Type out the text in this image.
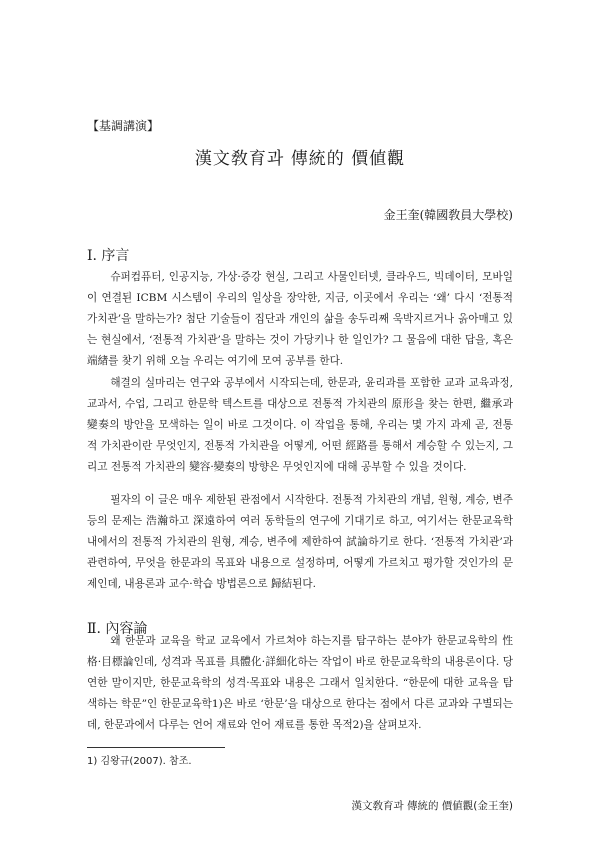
【基調講演】
漢文敎育과 傳統的 價値觀
金王奎(韓國敎員大學校)
Ⅰ. 序言

슈퍼컴퓨터, 인공지능, 가상·증강 현실, 그리고 사물인터넷, 클라우드, 빅데이터, 모바일이 연결된 ICBM 시스템이 우리의 일상을 장악한, 지금, 이곳에서 우리는 ‘왜’ 다시 ‘전통적 가치관’을 말하는가? 첨단 기술들이 집단과 개인의 삶을 송두리째 욱박지르거나 옭아매고 있는 현실에서, ‘전통적 가치관’을 말하는 것이 가당키나 한 일인가? 그 물음에 대한 답을, 혹은 端緖를 찾기 위해 오늘 우리는 여기에 모여 공부를 한다.

해결의 실마리는 연구와 공부에서 시작되는데, 한문과, 윤리과를 포함한 교과 교육과정, 교과서, 수업, 그리고 한문학 텍스트를 대상으로 전통적 가치관의 原形을 찾는 한편, 繼承과 變奏의 방안을 모색하는 일이 바로 그것이다. 이 작업을 통해, 우리는 몇 가지 과제 곧, 전통적 가치관이란 무엇인지, 전통적 가치관을 어떻게, 어떤 經路를 통해서 계승할 수 있는지, 그리고 전통적 가치관의 變容·變奏의 방향은 무엇인지에 대해 공부할 수 있을 것이다.

필자의 이 글은 매우 제한된 관점에서 시작한다. 전통적 가치관의 개념, 원형, 계승, 변주 등의 문제는 浩瀚하고 深遠하여 여러 동학들의 연구에 기대기로 하고, 여기서는 한문교육학 내에서의 전통적 가치관의 원형, 계승, 변주에 제한하여 試論하기로 한다. ‘전통적 가치관’과 관련하여, 무엇을 한문과의 목표와 내용으로 설정하며, 어떻게 가르치고 평가할 것인가의 문제인데, 내용론과 교수·학습 방법론으로 歸結된다.

Ⅱ. 內容論

왜 한문과 교육을 학교 교육에서 가르쳐야 하는지를 탐구하는 분야가 한문교육학의 性格·目標論인데, 성격과 목표를 具體化·詳細化하는 작업이 바로 한문교육학의 내용론이다. 당연한 말이지만, 한문교육학의 성격·목표와 내용은 그래서 일치한다. “한문에 대한 교육을 탐색하는 학문”인 한문교육학1)은 바로 ‘한문’을 대상으로 한다는 점에서 다른 교과와 구별되는데, 한문과에서 다루는 언어 재료와 언어 재료를 통한 목적2)을 살펴보자.

1) 김왕규(2007). 참조.
漢文敎育과 傳統的 價値觀(金王奎)
